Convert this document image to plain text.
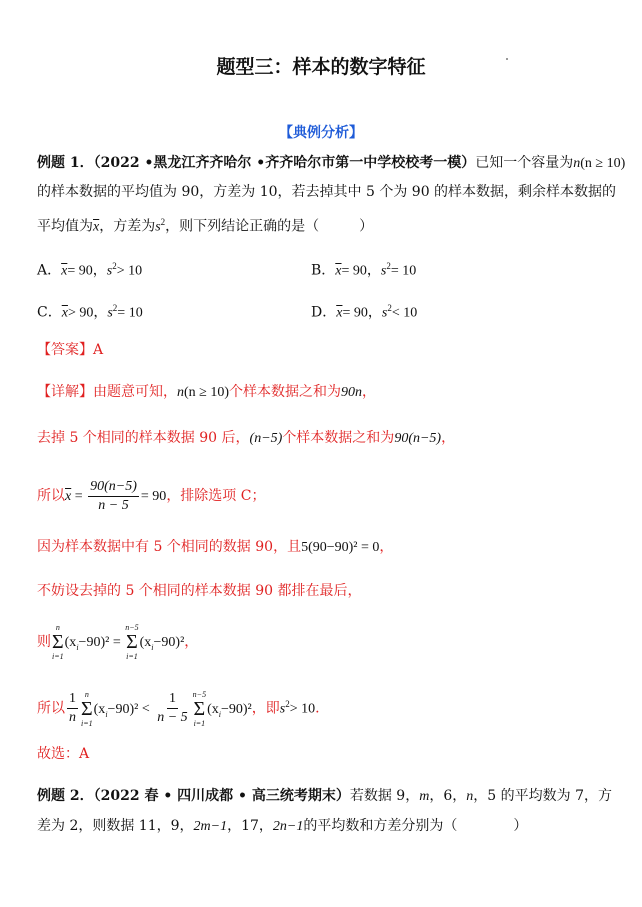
题型三：样本的数字特征
【典例分析】
例题 1．（2022 •黑龙江齐齐哈尔 •齐齐哈尔市第一中学校校考一模）已知一个容量为n(n ≥ 10)
的样本数据的平均值为 90，方差为 10，若去掉其中 5 个为 90 的样本数据，剩余样本数据的
平均值为$\overline{x}$，方差为$s^2$，则下列结论正确的是（	）
A．$\overline{x}= 90$，$s^2> 10$	B．$\overline{x}= 90$，$s^2= 10$
C．$\overline{x}> 90$，$s^2= 10$	D．$\overline{x}= 90$，$s^2< 10$
【答案】A
【详解】由题意可知，n(n ≥ 10)个样本数据之和为90n，
去掉 5 个相同的样本数据 90 后，(n−5)个样本数据之和为90(n−5)，
所以$\overline{x} = \frac{90(n-5)}{n - 5} = 90$，排除选项 C；
因为样本数据中有 5 个相同的数据 90，且5(90−90)² = 0，
不妨设去掉的 5 个相同的样本数据 90 都排在最后，
则
n
Σ
i=1
$(x_i-90)^2$ =
n−5
Σ
i=1
$(x_i-90)^2$，
所以 $\frac{1}{n}$ n
Σ
i=1
$(x_i-90)^2 < \frac{1}{n - 5} n-5$
Σ
i=1
$(x_i-90)^2$，即$s^2> 10$.
故选：A
例题 2．（2022 春 • 四川成都 • 高三统考期末）若数据 9，m，6，n，5 的平均数为 7，方
差为 2，则数据 11，9，2m−1，17，2n−1的平均数和方差分别为（	）
